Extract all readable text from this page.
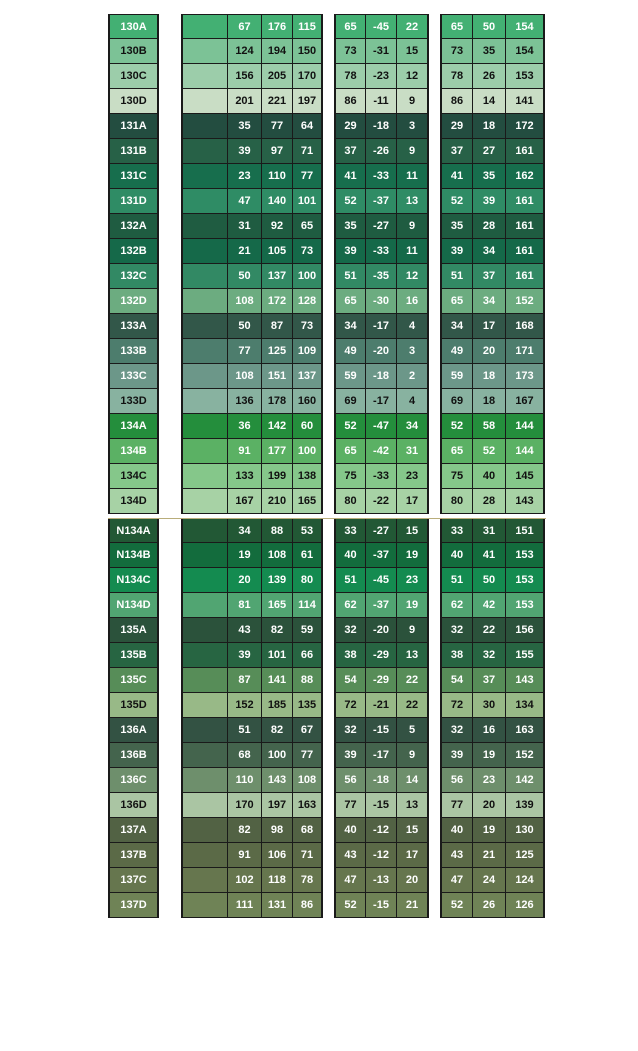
130A	67	176	115	65	-45	22	65	50	154
130B	124	194	150	73	-31	15	73	35	154
130C	156	205	170	78	-23	12	78	26	153
130D	201	221	197	86	-11	9	86	14	141
131A	35	77	64	29	-18	3	29	18	172
131B	39	97	71	37	-26	9	37	27	161
131C	23	110	77	41	-33	11	41	35	162
131D	47	140	101	52	-37	13	52	39	161
132A	31	92	65	35	-27	9	35	28	161
132B	21	105	73	39	-33	11	39	34	161
132C	50	137	100	51	-35	12	51	37	161
132D	108	172	128	65	-30	16	65	34	152
133A	50	87	73	34	-17	4	34	17	168
133B	77	125	109	49	-20	3	49	20	171
133C	108	151	137	59	-18	2	59	18	173
133D	136	178	160	69	-17	4	69	18	167
134A	36	142	60	52	-47	34	52	58	144
134B	91	177	100	65	-42	31	65	52	144
134C	133	199	138	75	-33	23	75	40	145
134D	167	210	165	80	-22	17	80	28	143
N134A	34	88	53	33	-27	15	33	31	151
N134B	19	108	61	40	-37	19	40	41	153
N134C	20	139	80	51	-45	23	51	50	153
N134D	81	165	114	62	-37	19	62	42	153
135A	43	82	59	32	-20	9	32	22	156
135B	39	101	66	38	-29	13	38	32	155
135C	87	141	88	54	-29	22	54	37	143
135D	152	185	135	72	-21	22	72	30	134
136A	51	82	67	32	-15	5	32	16	163
136B	68	100	77	39	-17	9	39	19	152
136C	110	143	108	56	-18	14	56	23	142
136D	170	197	163	77	-15	13	77	20	139
137A	82	98	68	40	-12	15	40	19	130
137B	91	106	71	43	-12	17	43	21	125
137C	102	118	78	47	-13	20	47	24	124
137D	111	131	86	52	-15	21	52	26	126
